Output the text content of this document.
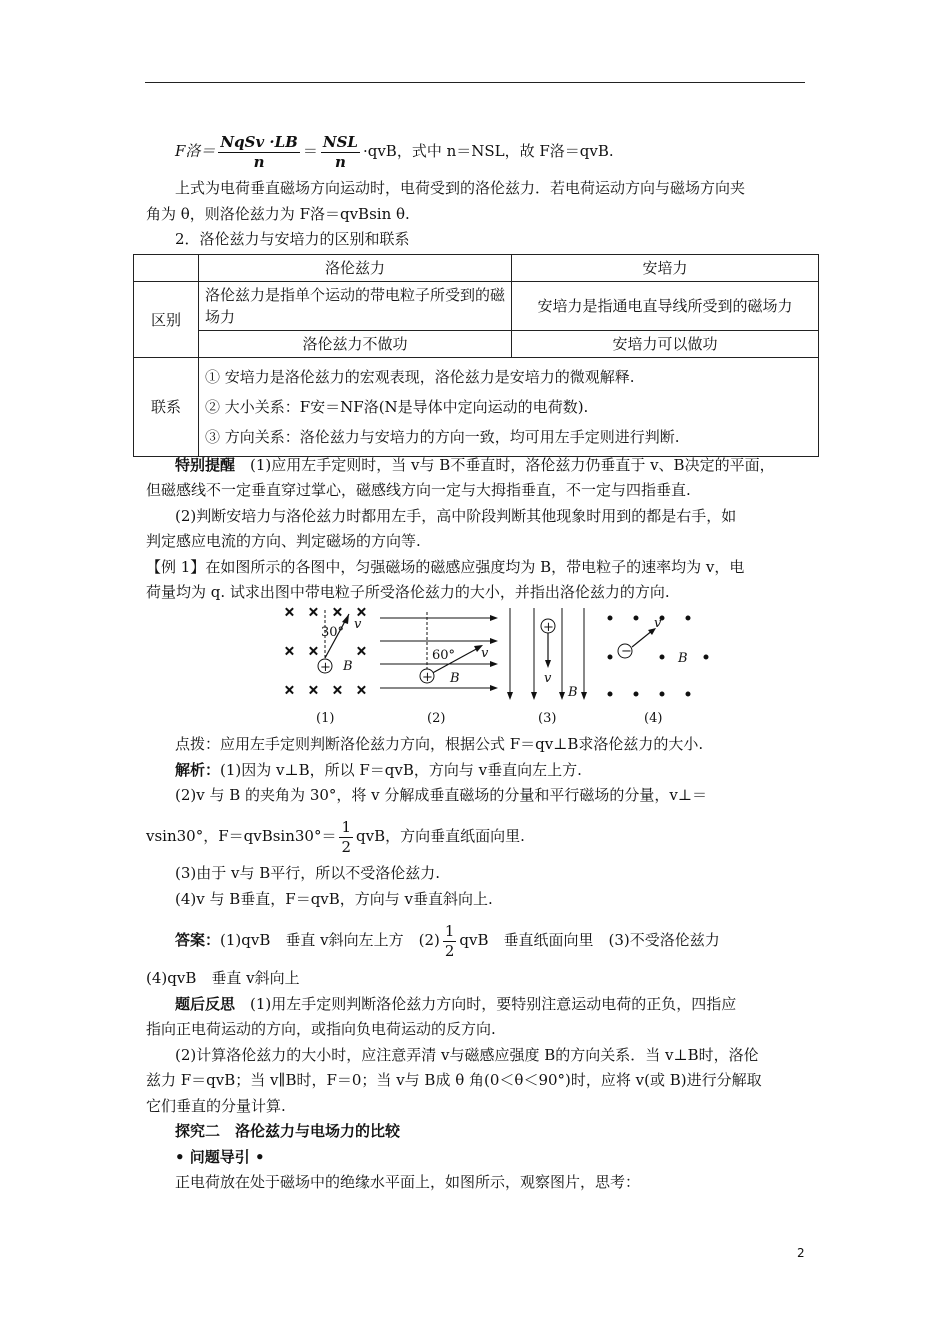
F洛＝ $\frac{\text{NqSv ·LB}}{n} = \frac{\text{NSL}}{n} \cdot qvB$，式中 n＝NSL，故 F洛＝qvB.
上式为电荷垂直磁场方向运动时，电荷受到的洛伦兹力．若电荷运动方向与磁场方向夹
角为 θ，则洛伦兹力为 F洛＝qvBsin θ.
2．洛伦兹力与安培力的区别和联系
	洛伦兹力	安培力
区别	洛伦兹力是指单个运动的带电粒子所受到的磁场力	安培力是指通电直导线所受到的磁场力
	洛伦兹力不做功	安培力可以做功
联系	① 安培力是洛伦兹力的宏观表现，洛伦兹力是安培力的微观解释.
② 大小关系：F安＝NF洛(N是导体中定向运动的电荷数).
③ 方向关系：洛伦兹力与安培力的方向一致，均可用左手定则进行判断.	
特别提醒　 (1)应用左手定则时，当 v与 B不垂直时，洛伦兹力仍垂直于 v、B决定的平面，
但磁感线不一定垂直穿过掌心，磁感线方向一定与大拇指垂直，不一定与四指垂直.
(2)判断安培力与洛伦兹力时都用左手，高中阶段判断其他现象时用到的都是右手，如
判定感应电流的方向、判定磁场的方向等.
【例 1】在如图所示的各图中，匀强磁场的磁感应强度均为 B，带电粒子的速率均为 v，电
荷量均为 q. 试求出图中带电粒子所受洛伦兹力的大小，并指出洛伦兹力的方向.
× × × ×
× ×	×
× × × ×
+
30°
v
B
(1)
+
60° v
B
(2)
+
v
B
(3)
−
v
B
(4)
点拨：应用左手定则判断洛伦兹力方向，根据公式 F＝qv⊥B求洛伦兹力的大小.
解析：(1)因为 v⊥B，所以 F＝qvB，方向与 v垂直向左上方.
(2)v 与 B 的夹角为 30°，将 v 分解成垂直磁场的分量和平行磁场的分量，v⊥＝
vsin30°，$F=qvBsin30^\circ= \frac{1}{2}$ qvB，方向垂直纸面向里.
(3)由于 v与 B平行，所以不受洛伦兹力.
(4)v 与 B垂直，F＝qvB，方向与 v垂直斜向上.
答案：(1)qvB　垂直 v斜向左上方　$(2) \frac{1}{2}$ qvB　垂直纸面向里　(3)不受洛伦兹力
(4)qvB　垂直 v斜向上
题后反思　 (1)用左手定则判断洛伦兹力方向时，要特别注意运动电荷的正负，四指应
指向正电荷运动的方向，或指向负电荷运动的反方向.
(2)计算洛伦兹力的大小时，应注意弄清 v与磁感应强度 B的方向关系．当 v⊥B时，洛伦
兹力 F＝qvB；当 v∥B时，F＝0；当 v与 B成 θ 角(0＜θ＜90°)时，应将 v(或 B)进行分解取
它们垂直的分量计算.
探究二　洛伦兹力与电场力的比较
• 问题导引 •
正电荷放在处于磁场中的绝缘水平面上，如图所示，观察图片，思考：
2
